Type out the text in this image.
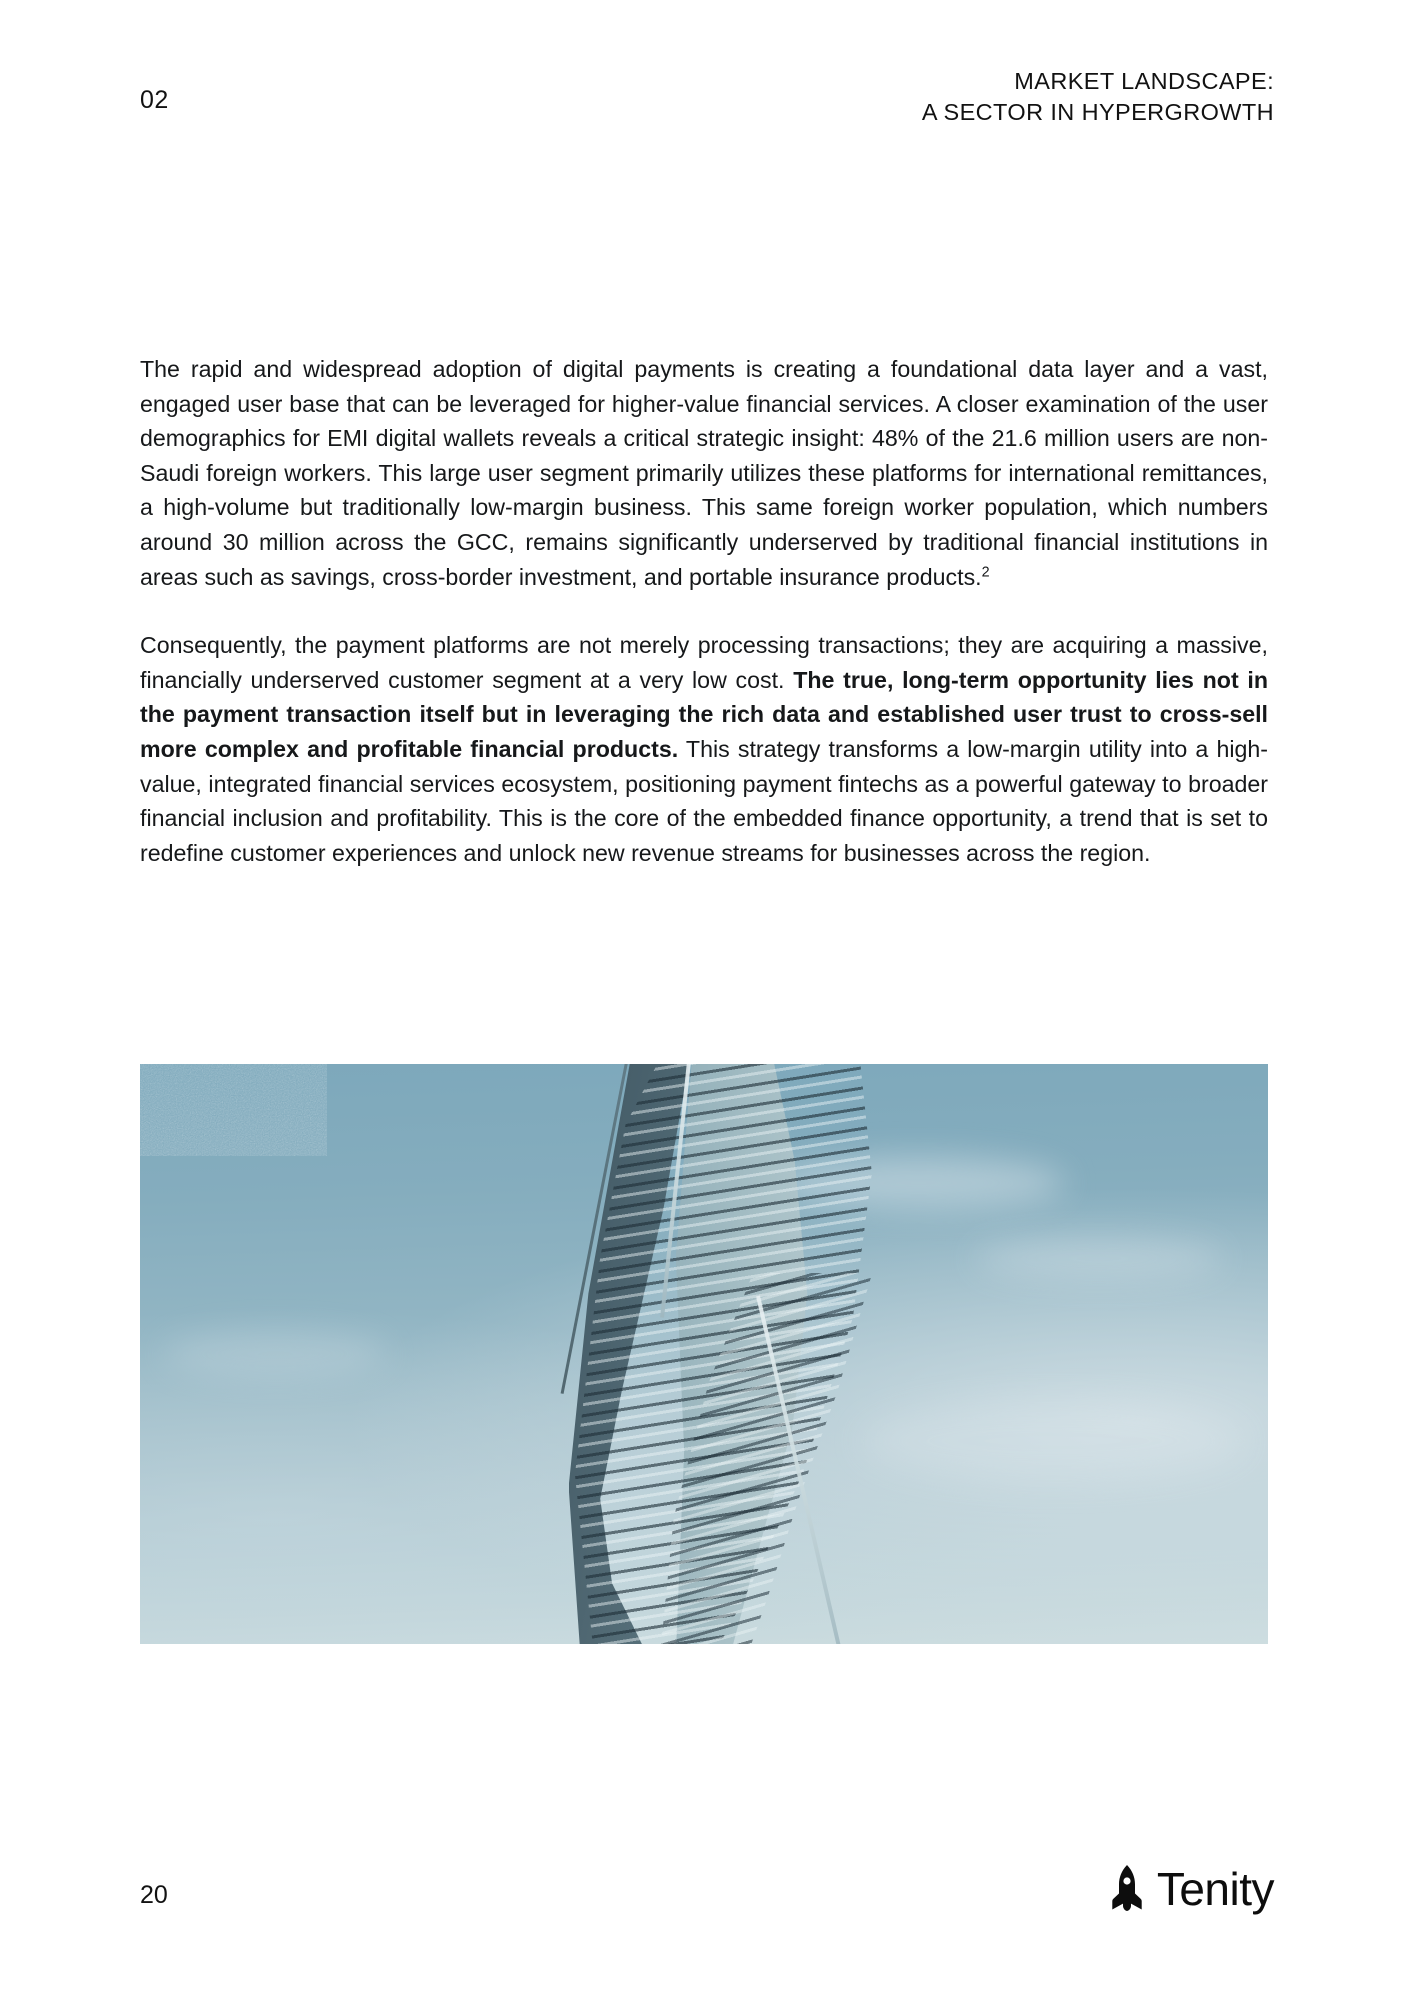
02
MARKET LANDSCAPE:
A SECTOR IN HYPERGROWTH

The rapid and widespread adoption of digital payments is creating a foundational data layer and a vast, engaged user base that can be leveraged for higher-value financial services. A closer examination of the user demographics for EMI digital wallets reveals a critical strategic insight: 48% of the 21.6 million users are non-Saudi foreign workers. This large user segment primarily utilizes these platforms for international remittances, a high-volume but traditionally low-margin business. This same foreign worker population, which numbers around 30 million across the GCC, remains significantly underserved by traditional financial institutions in areas such as savings, cross-border investment, and portable insurance products.$^2$

Consequently, the payment platforms are not merely processing transactions; they are acquiring a massive, financially underserved customer segment at a very low cost. The true, long-term opportunity lies not in the payment transaction itself but in leveraging the rich data and established user trust to cross-sell more complex and profitable financial products. This strategy transforms a low-margin utility into a high-value, integrated financial services ecosystem, positioning payment fintechs as a powerful gateway to broader financial inclusion and profitability. This is the core of the embedded finance opportunity, a trend that is set to redefine customer experiences and unlock new revenue streams for businesses across the region.

20	Tenity
